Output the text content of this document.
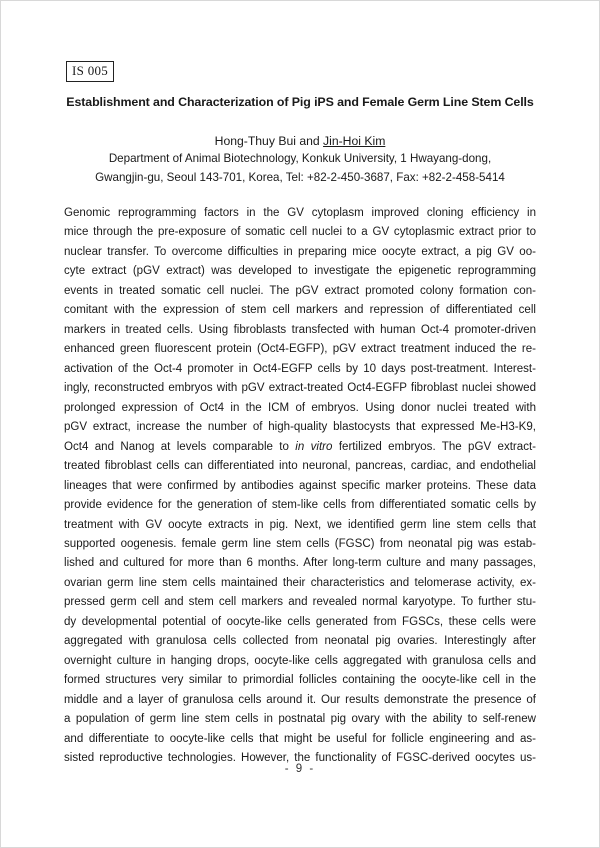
IS 005
Establishment and Characterization of Pig iPS and Female Germ Line Stem Cells
Hong-Thuy Bui and Jin-Hoi Kim
Department of Animal Biotechnology, Konkuk University, 1 Hwayang-dong,
Gwangjin-gu, Seoul 143-701, Korea, Tel: +82-2-450-3687, Fax: +82-2-458-5414
Genomic reprogramming factors in the GV cytoplasm improved cloning efficiency in
mice through the pre-exposure of somatic cell nuclei to a GV cytoplasmic extract prior to
nuclear transfer. To overcome difficulties in preparing mice oocyte extract, a pig GV oo-
cyte extract (pGV extract) was developed to investigate the epigenetic reprogramming
events in treated somatic cell nuclei. The pGV extract promoted colony formation con-
comitant with the expression of stem cell markers and repression of differentiated cell
markers in treated cells. Using fibroblasts transfected with human Oct-4 promoter-driven
enhanced green fluorescent protein (Oct4-EGFP), pGV extract treatment induced the re-
activation of the Oct-4 promoter in Oct4-EGFP cells by 10 days post-treatment. Interest-
ingly, reconstructed embryos with pGV extract-treated Oct4-EGFP fibroblast nuclei showed
prolonged expression of Oct4 in the ICM of embryos. Using donor nuclei treated with
pGV extract, increase the number of high-quality blastocysts that expressed Me-H3-K9,
Oct4 and Nanog at levels comparable to in vitro fertilized embryos. The pGV extract-
treated fibroblast cells can differentiated into neuronal, pancreas, cardiac, and endothelial
lineages that were confirmed by antibodies against specific marker proteins. These data
provide evidence for the generation of stem-like cells from differentiated somatic cells by
treatment with GV oocyte extracts in pig. Next, we identified germ line stem cells that
supported oogenesis. female germ line stem cells (FGSC) from neonatal pig was estab-
lished and cultured for more than 6 months. After long-term culture and many passages,
ovarian germ line stem cells maintained their characteristics and telomerase activity, ex-
pressed germ cell and stem cell markers and revealed normal karyotype. To further stu-
dy developmental potential of oocyte-like cells generated from FGSCs, these cells were
aggregated with granulosa cells collected from neonatal pig ovaries. Interestingly after
overnight culture in hanging drops, oocyte-like cells aggregated with granulosa cells and
formed structures very similar to primordial follicles containing the oocyte-like cell in the
middle and a layer of granulosa cells around it. Our results demonstrate the presence of
a population of germ line stem cells in postnatal pig ovary with the ability to self-renew
and differentiate to oocyte-like cells that might be useful for follicle engineering and as-
sisted reproductive technologies. However, the functionality of FGSC-derived oocytes us-
- 9 -
